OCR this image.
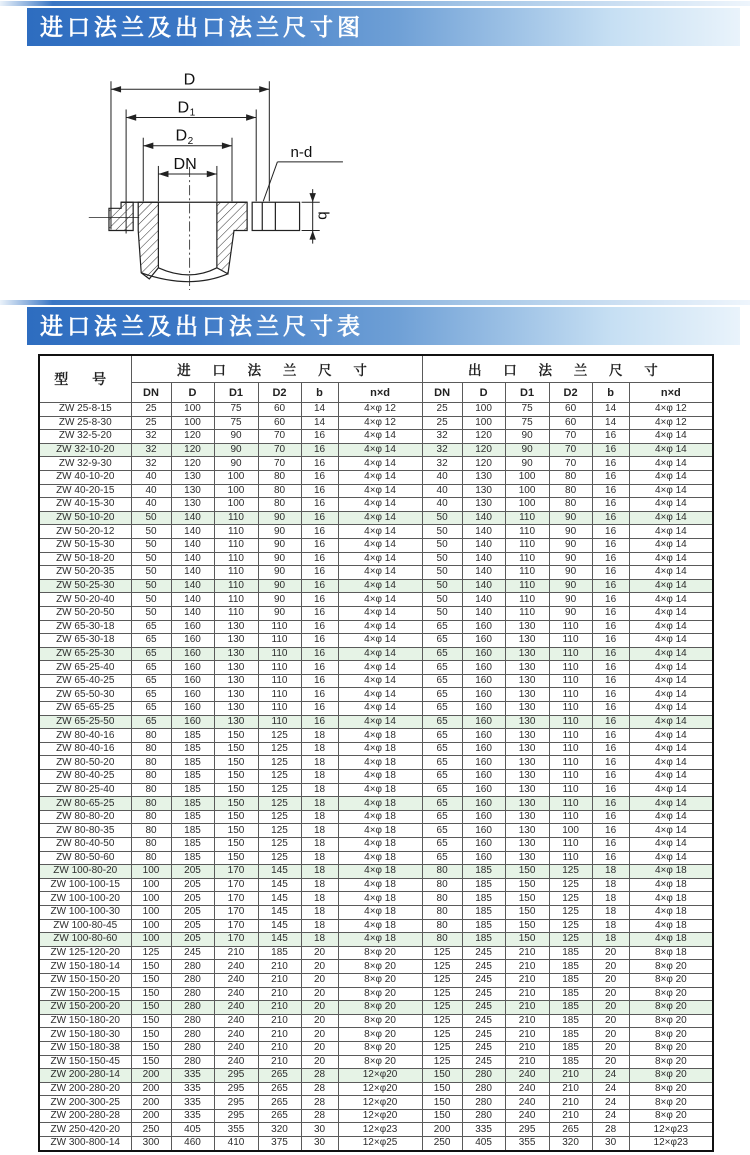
进口法兰及出口法兰尺寸图
D
D 1
D 2
DN
n-d
b
进口法兰及出口法兰尺寸表
型 号	进 口 法 兰 尺 寸						出 口 法 兰 尺 寸					
	DN	D	D1	D2	b	n×d	DN	D	D1	D2	b	n×d
ZW 25-8-15	25	100	75	60	14	4×φ 12	25	100	75	60	14	4×φ 12
ZW 25-8-30	25	100	75	60	14	4×φ 12	25	100	75	60	14	4×φ 12
ZW 32-5-20	32	120	90	70	16	4×φ 14	32	120	90	70	16	4×φ 14
ZW 32-10-20	32	120	90	70	16	4×φ 14	32	120	90	70	16	4×φ 14
ZW 32-9-30	32	120	90	70	16	4×φ 14	32	120	90	70	16	4×φ 14
ZW 40-10-20	40	130	100	80	16	4×φ 14	40	130	100	80	16	4×φ 14
ZW 40-20-15	40	130	100	80	16	4×φ 14	40	130	100	80	16	4×φ 14
ZW 40-15-30	40	130	100	80	16	4×φ 14	40	130	100	80	16	4×φ 14
ZW 50-10-20	50	140	110	90	16	4×φ 14	50	140	110	90	16	4×φ 14
ZW 50-20-12	50	140	110	90	16	4×φ 14	50	140	110	90	16	4×φ 14
ZW 50-15-30	50	140	110	90	16	4×φ 14	50	140	110	90	16	4×φ 14
ZW 50-18-20	50	140	110	90	16	4×φ 14	50	140	110	90	16	4×φ 14
ZW 50-20-35	50	140	110	90	16	4×φ 14	50	140	110	90	16	4×φ 14
ZW 50-25-30	50	140	110	90	16	4×φ 14	50	140	110	90	16	4×φ 14
ZW 50-20-40	50	140	110	90	16	4×φ 14	50	140	110	90	16	4×φ 14
ZW 50-20-50	50	140	110	90	16	4×φ 14	50	140	110	90	16	4×φ 14
ZW 65-30-18	65	160	130	110	16	4×φ 14	65	160	130	110	16	4×φ 14
ZW 65-30-18	65	160	130	110	16	4×φ 14	65	160	130	110	16	4×φ 14
ZW 65-25-30	65	160	130	110	16	4×φ 14	65	160	130	110	16	4×φ 14
ZW 65-25-40	65	160	130	110	16	4×φ 14	65	160	130	110	16	4×φ 14
ZW 65-40-25	65	160	130	110	16	4×φ 14	65	160	130	110	16	4×φ 14
ZW 65-50-30	65	160	130	110	16	4×φ 14	65	160	130	110	16	4×φ 14
ZW 65-65-25	65	160	130	110	16	4×φ 14	65	160	130	110	16	4×φ 14
ZW 65-25-50	65	160	130	110	16	4×φ 14	65	160	130	110	16	4×φ 14
ZW 80-40-16	80	185	150	125	18	4×φ 18	65	160	130	110	16	4×φ 14
ZW 80-40-16	80	185	150	125	18	4×φ 18	65	160	130	110	16	4×φ 14
ZW 80-50-20	80	185	150	125	18	4×φ 18	65	160	130	110	16	4×φ 14
ZW 80-40-25	80	185	150	125	18	4×φ 18	65	160	130	110	16	4×φ 14
ZW 80-25-40	80	185	150	125	18	4×φ 18	65	160	130	110	16	4×φ 14
ZW 80-65-25	80	185	150	125	18	4×φ 18	65	160	130	110	16	4×φ 14
ZW 80-80-20	80	185	150	125	18	4×φ 18	65	160	130	110	16	4×φ 14
ZW 80-80-35	80	185	150	125	18	4×φ 18	65	160	130	100	16	4×φ 14
ZW 80-40-50	80	185	150	125	18	4×φ 18	65	160	130	110	16	4×φ 14
ZW 80-50-60	80	185	150	125	18	4×φ 18	65	160	130	110	16	4×φ 14
ZW 100-80-20	100	205	170	145	18	4×φ 18	80	185	150	125	18	4×φ 18
ZW 100-100-15	100	205	170	145	18	4×φ 18	80	185	150	125	18	4×φ 18
ZW 100-100-20	100	205	170	145	18	4×φ 18	80	185	150	125	18	4×φ 18
ZW 100-100-30	100	205	170	145	18	4×φ 18	80	185	150	125	18	4×φ 18
ZW 100-80-45	100	205	170	145	18	4×φ 18	80	185	150	125	18	4×φ 18
ZW 100-80-60	100	205	170	145	18	4×φ 18	80	185	150	125	18	4×φ 18
ZW 125-120-20	125	245	210	185	20	8×φ 20	125	245	210	185	20	8×φ 18
ZW 150-180-14	150	280	240	210	20	8×φ 20	125	245	210	185	20	8×φ 20
ZW 150-150-20	150	280	240	210	20	8×φ 20	125	245	210	185	20	8×φ 20
ZW 150-200-15	150	280	240	210	20	8×φ 20	125	245	210	185	20	8×φ 20
ZW 150-200-20	150	280	240	210	20	8×φ 20	125	245	210	185	20	8×φ 20
ZW 150-180-20	150	280	240	210	20	8×φ 20	125	245	210	185	20	8×φ 20
ZW 150-180-30	150	280	240	210	20	8×φ 20	125	245	210	185	20	8×φ 20
ZW 150-180-38	150	280	240	210	20	8×φ 20	125	245	210	185	20	8×φ 20
ZW 150-150-45	150	280	240	210	20	8×φ 20	125	245	210	185	20	8×φ 20
ZW 200-280-14	200	335	295	265	28	12×φ20	150	280	240	210	24	8×φ 20
ZW 200-280-20	200	335	295	265	28	12×φ20	150	280	240	210	24	8×φ 20
ZW 200-300-25	200	335	295	265	28	12×φ20	150	280	240	210	24	8×φ 20
ZW 200-280-28	200	335	295	265	28	12×φ20	150	280	240	210	24	8×φ 20
ZW 250-420-20	250	405	355	320	30	12×φ23	200	335	295	265	28	12×φ23
ZW 300-800-14	300	460	410	375	30	12×φ25	250	405	355	320	30	12×φ23
